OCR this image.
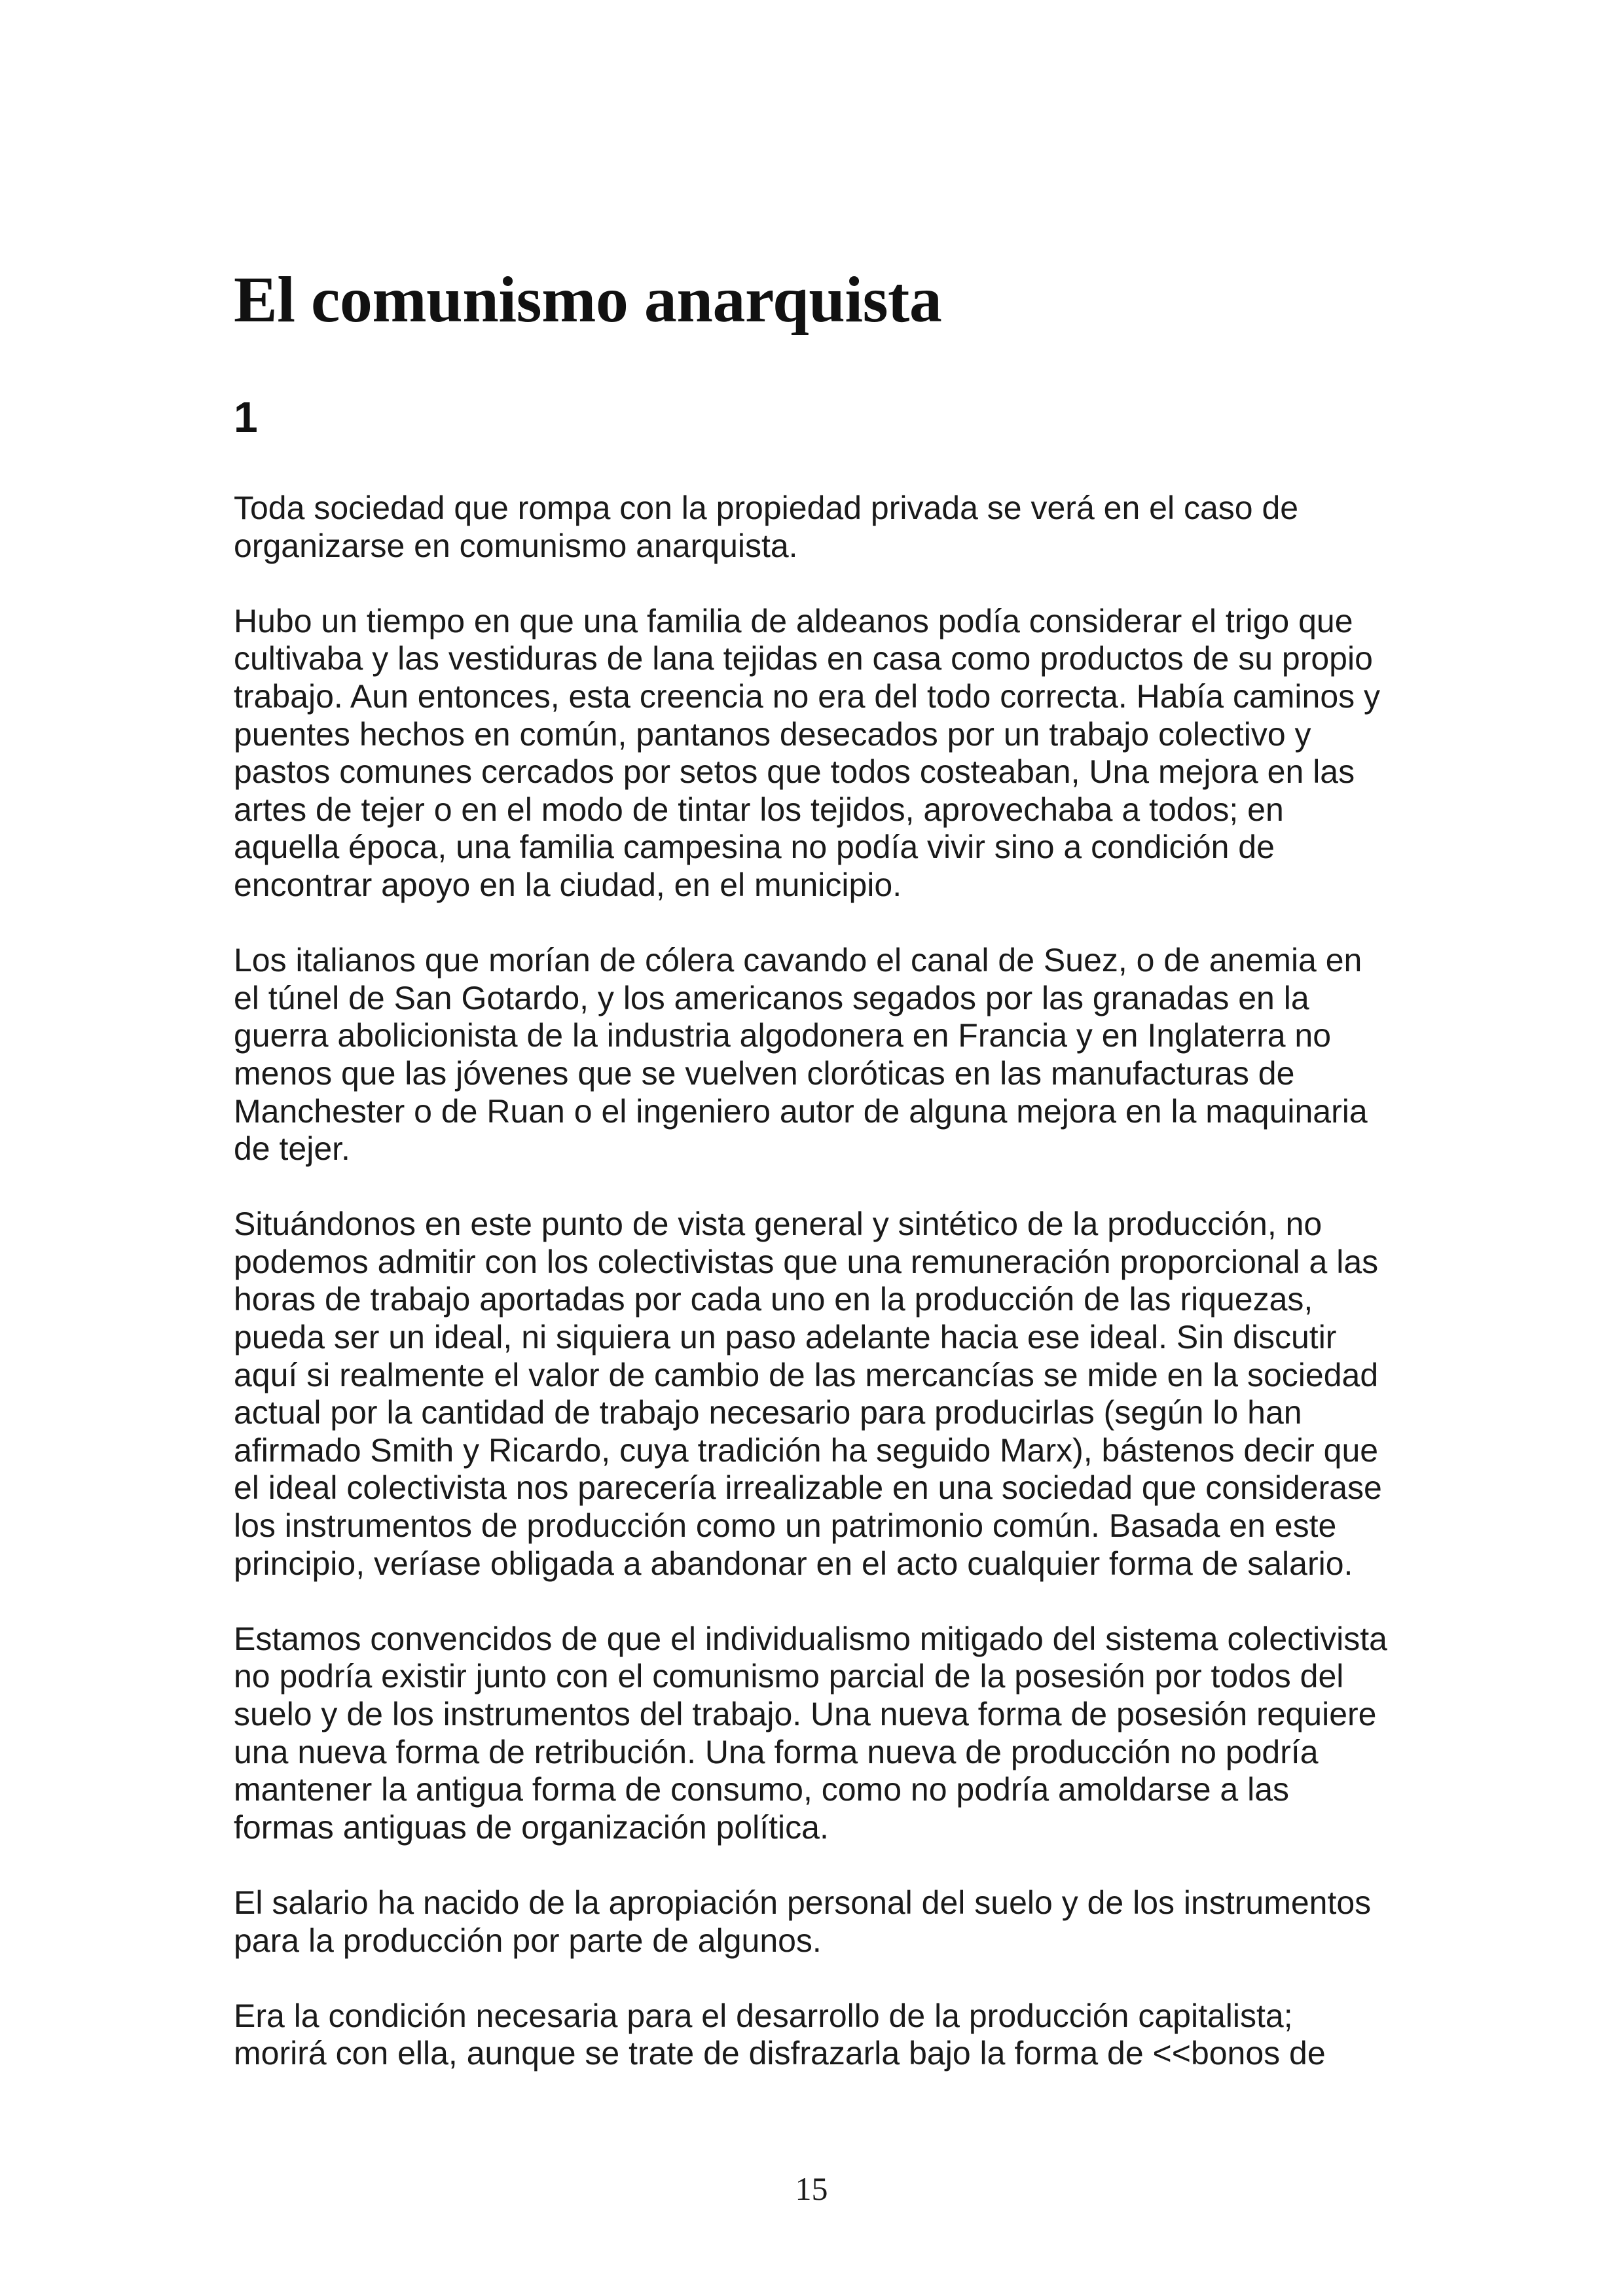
El comunismo anarquista
1

Toda sociedad que rompa con la propiedad privada se verá en el caso de
organizarse en comunismo anarquista.

Hubo un tiempo en que una familia de aldeanos podía considerar el trigo que
cultivaba y las vestiduras de lana tejidas en casa como productos de su propio
trabajo. Aun entonces, esta creencia no era del todo correcta. Había caminos y
puentes hechos en común, pantanos desecados por un trabajo colectivo y
pastos comunes cercados por setos que todos costeaban, Una mejora en las
artes de tejer o en el modo de tintar los tejidos, aprovechaba a todos; en
aquella época, una familia campesina no podía vivir sino a condición de
encontrar apoyo en la ciudad, en el municipio.

Los italianos que morían de cólera cavando el canal de Suez, o de anemia en
el túnel de San Gotardo, y los americanos segados por las granadas en la
guerra abolicionista de la industria algodonera en Francia y en Inglaterra no
menos que las jóvenes que se vuelven cloróticas en las manufacturas de
Manchester o de Ruan o el ingeniero autor de alguna mejora en la maquinaria
de tejer.

Situándonos en este punto de vista general y sintético de la producción, no
podemos admitir con los colectivistas que una remuneración proporcional a las
horas de trabajo aportadas por cada uno en la producción de las riquezas,
pueda ser un ideal, ni siquiera un paso adelante hacia ese ideal. Sin discutir
aquí si realmente el valor de cambio de las mercancías se mide en la sociedad
actual por la cantidad de trabajo necesario para producirlas (según lo han
afirmado Smith y Ricardo, cuya tradición ha seguido Marx), bástenos decir que
el ideal colectivista nos parecería irrealizable en una sociedad que considerase
los instrumentos de producción como un patrimonio común. Basada en este
principio, veríase obligada a abandonar en el acto cualquier forma de salario.

Estamos convencidos de que el individualismo mitigado del sistema colectivista
no podría existir junto con el comunismo parcial de la posesión por todos del
suelo y de los instrumentos del trabajo. Una nueva forma de posesión requiere
una nueva forma de retribución. Una forma nueva de producción no podría
mantener la antigua forma de consumo, como no podría amoldarse a las
formas antiguas de organización política.

El salario ha nacido de la apropiación personal del suelo y de los instrumentos
para la producción por parte de algunos.

Era la condición necesaria para el desarrollo de la producción capitalista;
morirá con ella, aunque se trate de disfrazarla bajo la forma de <<bonos de

15
